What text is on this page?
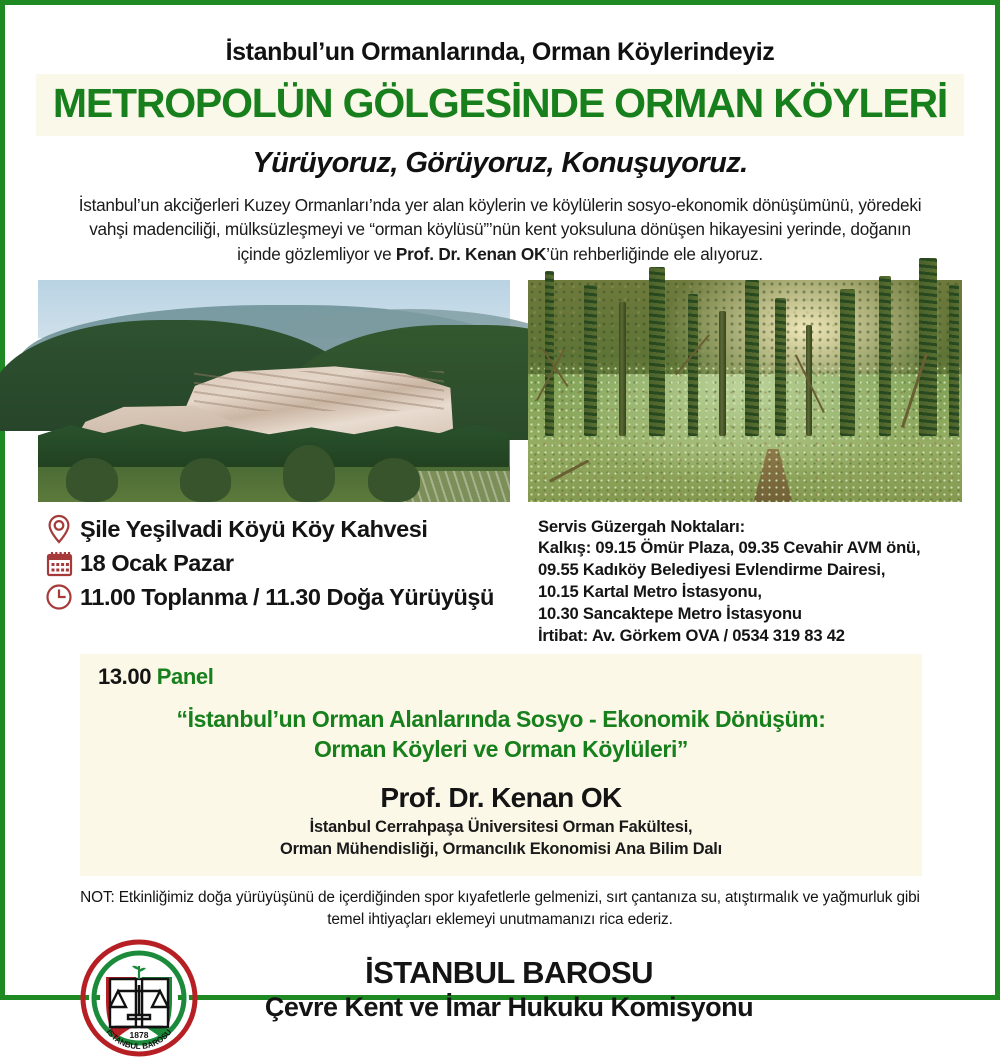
İstanbul’un Ormanlarında, Orman Köylerindeyiz
METROPOLÜN GÖLGESİNDE ORMAN KÖYLERİ
Yürüyoruz, Görüyoruz, Konuşuyoruz.
İstanbul’un akciğerleri Kuzey Ormanları’nda yer alan köylerin ve köylülerin sosyo-ekonomik dönüşümünü, yöredeki vahşi madenciliği, mülksüzleşmeyi ve “orman köylüsü”’nün kent yoksuluna dönüşen hikayesini yerinde, doğanın içinde gözlemliyor ve Prof. Dr. Kenan OK’ün rehberliğinde ele alıyoruz.
Şile Yeşilvadi Köyü Köy Kahvesi
18 Ocak Pazar
11.00 Toplanma / 11.30 Doğa Yürüyüşü
Servis Güzergah Noktaları:
Kalkış: 09.15 Ömür Plaza, 09.35 Cevahir AVM önü,
09.55 Kadıköy Belediyesi Evlendirme Dairesi,
10.15 Kartal Metro İstasyonu,
10.30 Sancaktepe Metro İstasyonu
İrtibat: Av. Görkem OVA / 0534 319 83 42
13.00 Panel
“İstanbul’un Orman Alanlarında Sosyo - Ekonomik Dönüşüm:
Orman Köyleri ve Orman Köylüleri”
Prof. Dr. Kenan OK
İstanbul Cerrahpaşa Üniversitesi Orman Fakültesi,
Orman Mühendisliği, Ormancılık Ekonomisi Ana Bilim Dalı
NOT: Etkinliğimiz doğa yürüyüşünü de içerdiğinden spor kıyafetlerle gelmenizi, sırt çantanıza su, atıştırmalık ve yağmurluk gibi temel ihtiyaçları eklemeyi unutmamanızı rica ederiz.
1878
İSTANBUL BAROSU
İSTANBUL BAROSU
Çevre Kent ve İmar Hukuku Komisyonu
